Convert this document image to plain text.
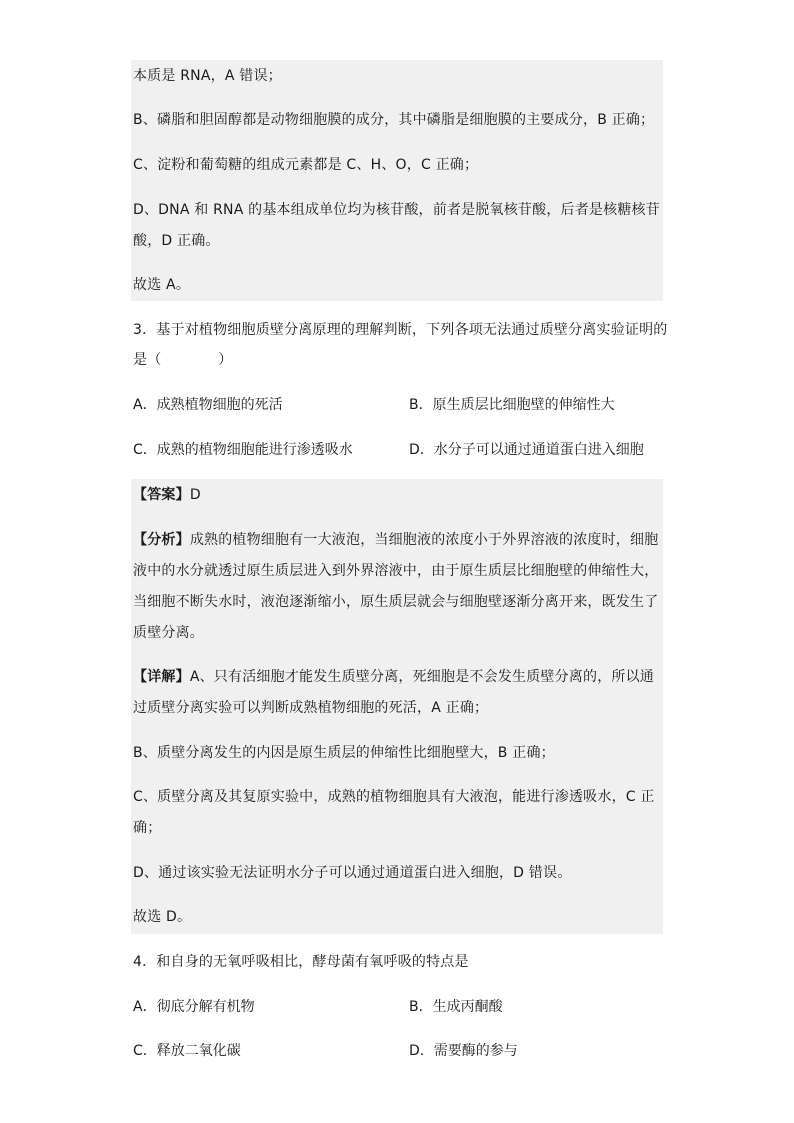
本质是 RNA，A 错误；
B、磷脂和胆固醇都是动物细胞膜的成分，其中磷脂是细胞膜的主要成分，B 正确；
C、淀粉和葡萄糖的组成元素都是 C、H、O，C 正确；
D、DNA 和 RNA 的基本组成单位均为核苷酸，前者是脱氧核苷酸，后者是核糖核苷
酸，D 正确。
故选 A。
3．基于对植物细胞质壁分离原理的理解判断，下列各项无法通过质壁分离实验证明的
是（　　　　）
A．成熟植物细胞的死活	B．原生质层比细胞壁的伸缩性大
C．成熟的植物细胞能进行渗透吸水	D．水分子可以通过通道蛋白进入细胞
【答案】D
【分析】成熟的植物细胞有一大液泡，当细胞液的浓度小于外界溶液的浓度时，细胞
液中的水分就透过原生质层进入到外界溶液中，由于原生质层比细胞壁的伸缩性大，
当细胞不断失水时，液泡逐渐缩小，原生质层就会与细胞壁逐渐分离开来，既发生了
质壁分离。
【详解】A、只有活细胞才能发生质壁分离，死细胞是不会发生质壁分离的，所以通
过质壁分离实验可以判断成熟植物细胞的死活，A 正确；
B、质壁分离发生的内因是原生质层的伸缩性比细胞壁大，B 正确；
C、质壁分离及其复原实验中，成熟的植物细胞具有大液泡，能进行渗透吸水，C 正
确；
D、通过该实验无法证明水分子可以通过通道蛋白进入细胞，D 错误。
故选 D。
4．和自身的无氧呼吸相比，酵母菌有氧呼吸的特点是
A．彻底分解有机物	B．生成丙酮酸
C．释放二氧化碳	D．需要酶的参与
